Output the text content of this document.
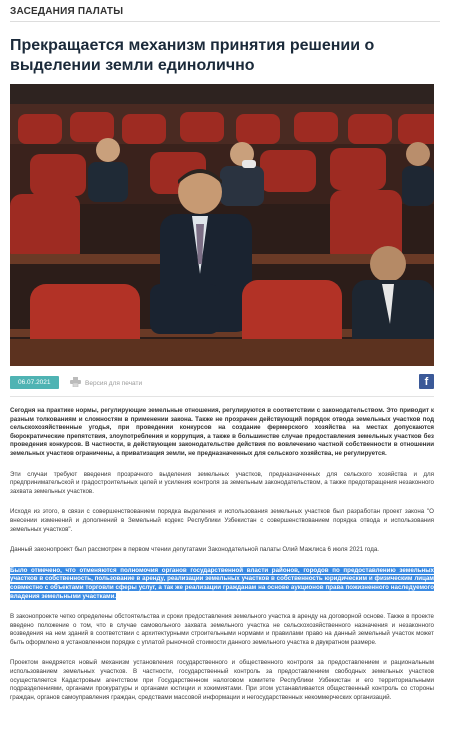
ЗАСЕДАНИЯ ПАЛАТЫ
Прекращается механизм принятия решении о выделении земли единолично
06.07.2021	Версия для печати	f

Сегодня на практике нормы, регулирующие земельные отношения, регулируются в соответствии с законодательством. Это приводит к разным толкованиям и сложностям в применении закона. Также не прозрачен действующий порядок отвода земельных участков под сельскохозяйственные угодья, при проведении конкурсов на создание фермерского хозяйства на местах допускаются бюрократические препятствия, злоупотребления и коррупция, а также в большинстве случае предоставления земельных участков без проведения конкурсов. В частности, в действующем законодательстве действия по вовлечению частной собственности в отношении земельных участков ограничены, а приватизация земли, не предназначенных для сельского хозяйства, не регулируется.

Эти случаи требуют введения прозрачного выделения земельных участков, предназначенных для сельского хозяйства и для предпринимательской и градостроительных целей и усиления контроля за земельным законодательством, а также предотвращения незаконного захвата земельных участков.

Исходя из этого, в связи с совершенствованием порядка выделения и использования земельных участков был разработан проект закона "О внесении изменений и дополнений в Земельный кодекс Республики Узбекистан с совершенствованием порядка отвода и использования земельных участков".

Данный законопроект был рассмотрен в первом чтении депутатами Законодательной палаты Олий Мажлиса 6 июля 2021 года.

Было отмечено, что отменяются полномочия органов государственной власти районов, городов по предоставлению земельных участков в собственность, пользование в аренду, реализации земельных участков в собственность юридическим и физическим лицам совместно с объектами торговли сферы услуг, а так же реализации гражданам на основе аукционов права пожизненного наследуемого владения земельными участками.

В законопроекте четко определены обстоятельства и сроки предоставления земельного участка в аренду на договорной основе. Также в проекте введено положение о том, что в случае самовольного захвата земельного участка не сельскохозяйственного назначения и незаконного возведения на нем зданий в соответствии с архитектурными строительными нормами и правилами право на данный земельный участок может быть оформлено в установленном порядке с уплатой рыночной стоимости данного земельного участка в двукратном размере.

Проектом внедряется новый механизм установления государственного и общественного контроля за предоставлением и рациональным использованием земельных участков. В частности, государственный контроль за предоставлением свободных земельных участков осуществляется Кадастровым агентством при Государственном налоговом комитете Республики Узбекистан и его территориальными подразделениями, органами прокуратуры и органами юстиции и хокимиятами. При этом устанавливается общественный контроль со стороны граждан, органов самоуправления граждан, средствами массовой информации и негосударственных некоммерческих организаций.
